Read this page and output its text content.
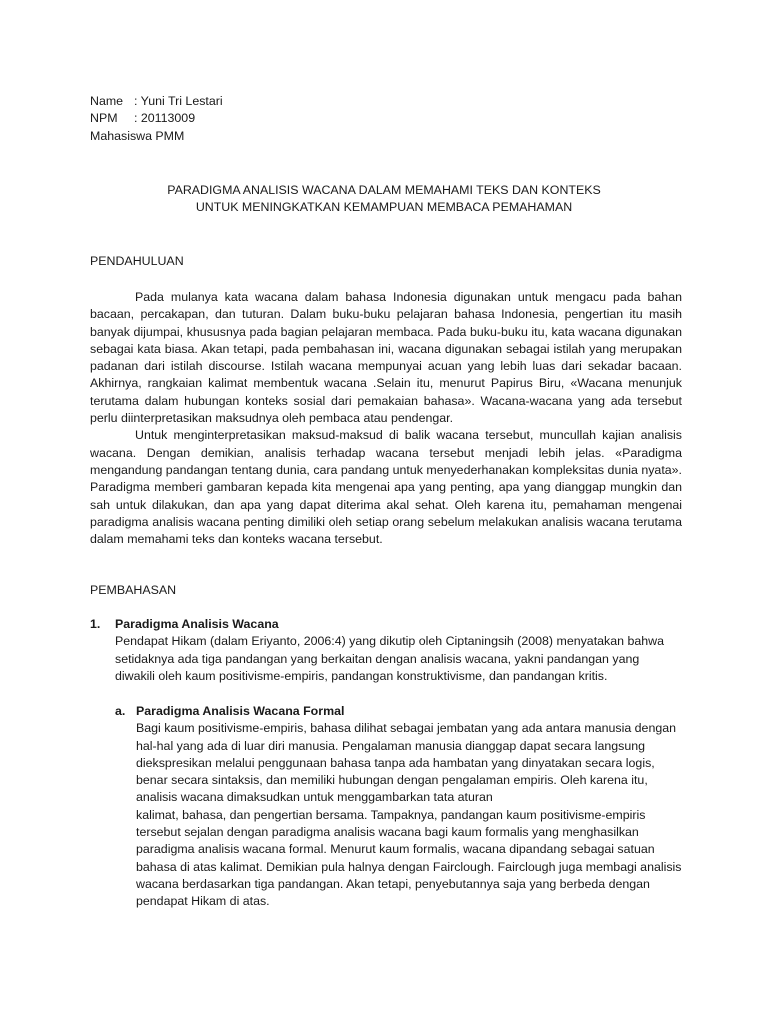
Name : Yuni Tri Lestari
NPM	: 20113009
Mahasiswa PMM
PARADIGMA ANALISIS WACANA DALAM MEMAHAMI TEKS DAN KONTEKS
UNTUK MENINGKATKAN KEMAMPUAN MEMBACA PEMAHAMAN
PENDAHULUAN

Pada mulanya kata wacana dalam bahasa Indonesia digunakan untuk mengacu pada bahan bacaan, percakapan, dan tuturan. Dalam buku-buku pelajaran bahasa Indonesia, pengertian itu masih banyak dijumpai, khususnya pada bagian pelajaran membaca. Pada buku-buku itu, kata wacana digunakan sebagai kata biasa. Akan tetapi, pada pembahasan ini, wacana digunakan sebagai istilah yang merupakan padanan dari istilah discourse. Istilah wacana mempunyai acuan yang lebih luas dari sekadar bacaan. Akhirnya, rangkaian kalimat membentuk wacana .Selain itu, menurut Papirus Biru, «Wacana menunjuk terutama dalam hubungan konteks sosial dari pemakaian bahasa». Wacana-wacana yang ada tersebut perlu diinterpretasikan maksudnya oleh pembaca atau pendengar.

Untuk menginterpretasikan maksud-maksud di balik wacana tersebut, muncullah kajian analisis wacana. Dengan demikian, analisis terhadap wacana tersebut menjadi lebih jelas. «Paradigma mengandung pandangan tentang dunia, cara pandang untuk menyederhanakan kompleksitas dunia nyata». Paradigma memberi gambaran kepada kita mengenai apa yang penting, apa yang dianggap mungkin dan sah untuk dilakukan, dan apa yang dapat diterima akal sehat. Oleh karena itu, pemahaman mengenai paradigma analisis wacana penting dimiliki oleh setiap orang sebelum melakukan analisis wacana terutama dalam memahami teks dan konteks wacana tersebut.

PEMBAHASAN
1.	Paradigma Analisis Wacana
Pendapat Hikam (dalam Eriyanto, 2006:4) yang dikutip oleh Ciptaningsih (2008) menyatakan bahwa setidaknya ada tiga pandangan yang berkaitan dengan analisis wacana, yakni pandangan yang diwakili oleh kaum positivisme-empiris, pandangan konstruktivisme, dan pandangan kritis.
a. Paradigma Analisis Wacana Formal
Bagi kaum positivisme-empiris, bahasa dilihat sebagai jembatan yang ada antara manusia dengan hal-hal yang ada di luar diri manusia. Pengalaman manusia dianggap dapat secara langsung diekspresikan melalui penggunaan bahasa tanpa ada hambatan yang dinyatakan secara logis, benar secara sintaksis, dan memiliki hubungan dengan pengalaman empiris. Oleh karena itu, analisis wacana dimaksudkan untuk menggambarkan tata aturan
kalimat, bahasa, dan pengertian bersama. Tampaknya, pandangan kaum positivisme-empiris tersebut sejalan dengan paradigma analisis wacana bagi kaum formalis yang menghasilkan paradigma analisis wacana formal. Menurut kaum formalis, wacana dipandang sebagai satuan bahasa di atas kalimat. Demikian pula halnya dengan Fairclough. Fairclough juga membagi analisis wacana berdasarkan tiga pandangan. Akan tetapi, penyebutannya saja yang berbeda dengan pendapat Hikam di atas.
